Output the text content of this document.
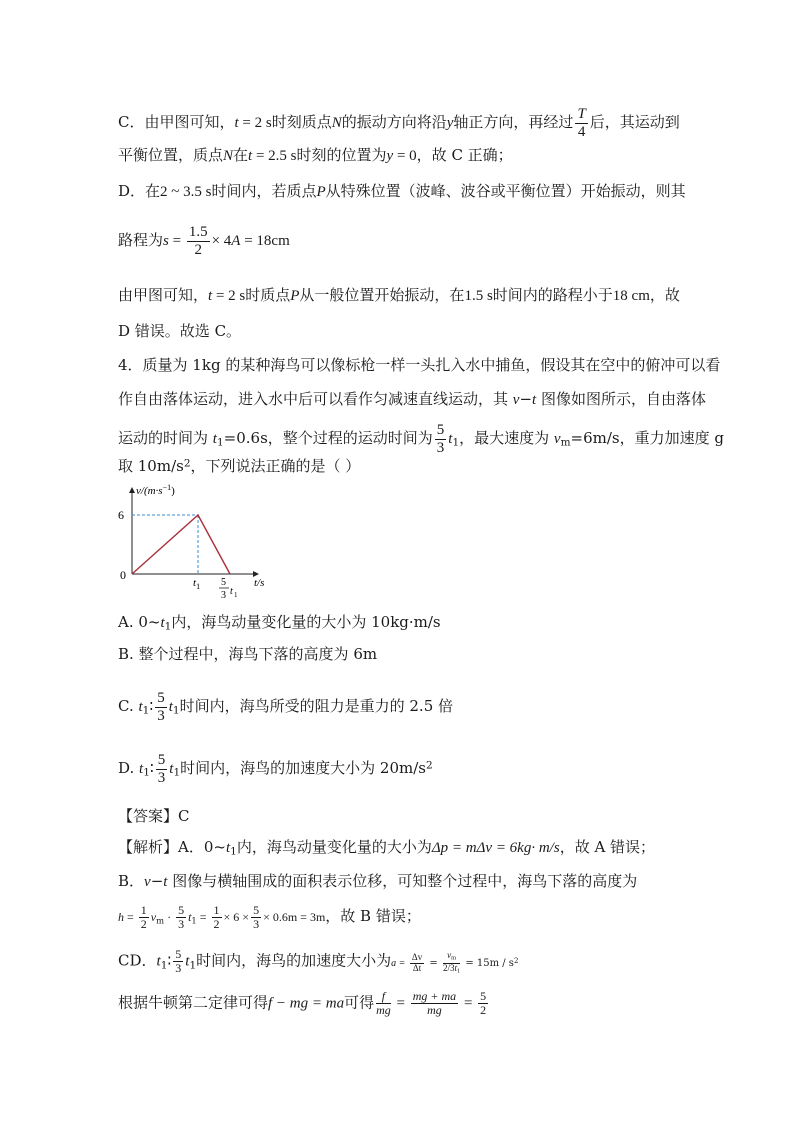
C．由甲图可知，t = 2 s时刻质点N的振动方向将沿y轴正方向，再经过 $\frac{T}{4}$ 后，其运动到
平衡位置，质点N在t = 2.5 s时刻的位置为y = 0，故 C 正确；
D．在2 ~ 3.5 s时间内，若质点P从特殊位置（波峰、波谷或平衡位置）开始振动，则其
路程为$s = \frac{1.5}{2} \times 4A = 18cm$
由甲图可知，t = 2 s时质点P从一般位置开始振动，在1.5 s时间内的路程小于18 cm，故
D 错误。故选 C。
4．质量为 1kg 的某种海鸟可以像标枪一样一头扎入水中捕鱼，假设其在空中的俯冲可以看
作自由落体运动，进入水中后可以看作匀减速直线运动，其 v−t 图像如图所示，自由落体
运动的时间为 $t_1=0.6s$，整个过程的运动时间为 $\frac{5}{3} t_1$，最大速度为 $v_m=6m/s$，重力加速度 g
取 $10m/s^2$，下列说法正确的是（ ）
$v/(m\cdot s^{-1})$
6
0
$t_1$ 5
3 t 1
t/s
A. $0\sim t_1$内，海鸟动量变化量的大小为 10kg·m/s
B. 整个过程中，海鸟下落的高度为 6m
C. $t_1∶ \frac{5}{3} t_1$时间内，海鸟所受的阻力是重力的 2.5 倍
D. $t_1∶ \frac{5}{3} t_1$时间内，海鸟的加速度大小为 $20m/s^2$
【答案】C
【解析】A．$0\sim t_1$内，海鸟动量变化量的大小为Δp = mΔv = 6kg· m/s，故 A 错误；
B．v−t 图像与横轴围成的面积表示位移，可知整个过程中，海鸟下落的高度为
$h = \frac{1}{2} v_m \cdot \frac{5}{3} t_1 = \frac{1}{2} \times 6 \times \frac{5}{3} \times 0.6m = 3m$，故 B 错误；
CD．$t_1∶ \frac{5}{3} t_1$时间内，海鸟的加速度大小为$a = \frac{\Delta v}{\Delta t} = \frac{v_m}{2/3t_1} = 15m / s^2$
根据牛顿第二定律可得f − mg = ma可得 $\frac{f}{mg} = \frac{mg + ma}{mg} = \frac{5}{2}$
